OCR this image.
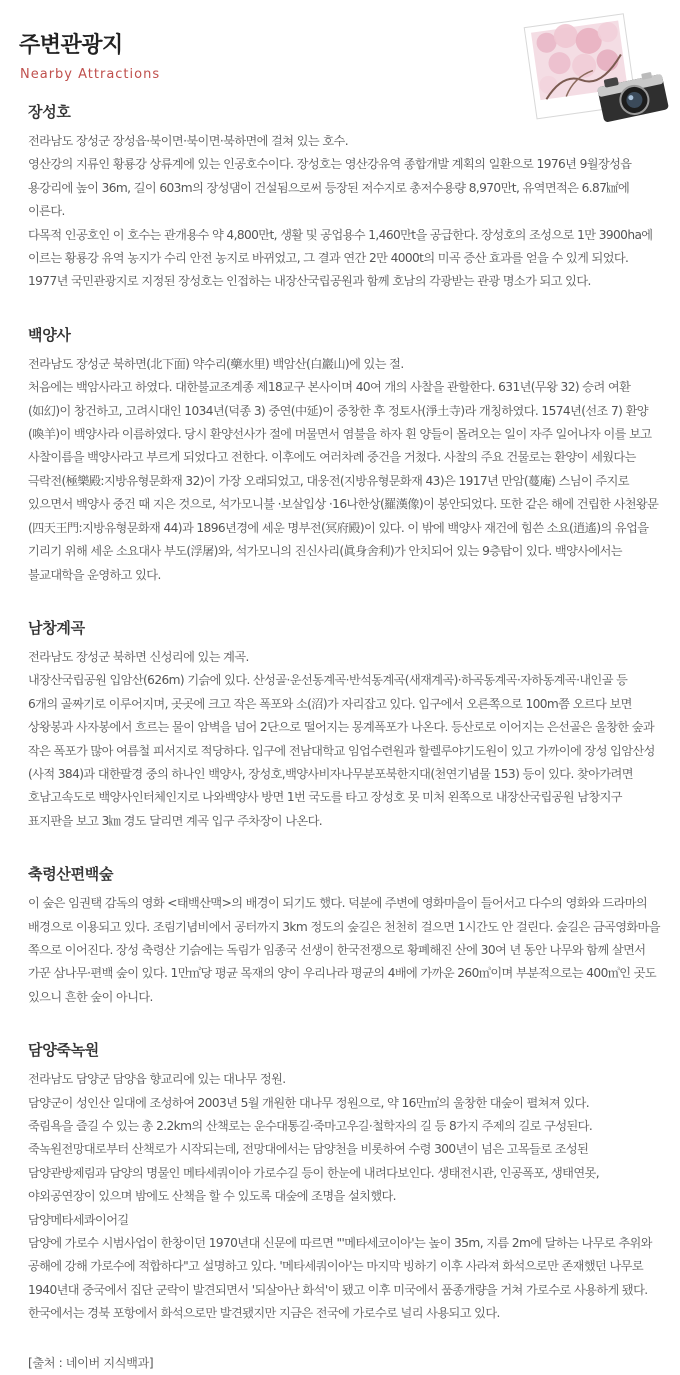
주변관광지
Nearby Attractions
장성호

전라남도 장성군 장성읍·북이면·북이면·북하면에 걸쳐 있는 호수.

영산강의 지류인 황룡강 상류계에 있는 인공호수이다. 장성호는 영산강유역 종합개발 계획의 일환으로 1976년 9월장성읍 용강리에 높이 36m, 길이 603m의 장성댐이 건설됨으로써 등장된 저수지로 총저수용량 8,970만t, 유역면적은 6.87㎢에 이른다.

다목적 인공호인 이 호수는 관개용수 약 4,800만t, 생활 및 공업용수 1,460만t을 공급한다. 장성호의 조성으로 1만 3900ha에 이르는 황룡강 유역 농지가 수리 안전 농지로 바뀌었고, 그 결과 연간 2만 4000t의 미곡 증산 효과를 얻을 수 있게 되었다.

1977년 국민관광지로 지정된 장성호는 인접하는 내장산국립공원과 함께 호남의 각광받는 관광 명소가 되고 있다.

백양사

전라남도 장성군 북하면(北下面) 약수리(藥水里) 백암산(白巖山)에 있는 절.

처음에는 백암사라고 하였다. 대한불교조계종 제18교구 본사이며 40여 개의 사찰을 관할한다. 631년(무왕 32) 승려 여환(如幻)이 창건하고, 고려시대인 1034년(덕종 3) 중연(中延)이 중창한 후 정토사(淨土寺)라 개칭하였다. 1574년(선조 7) 환양(喚羊)이 백양사라 이름하였다. 당시 환양선사가 절에 머물면서 염불을 하자 흰 양들이 몰려오는 일이 자주 일어나자 이를 보고 사찰이름을 백양사라고 부르게 되었다고 전한다. 이후에도 여러차례 중건을 거쳤다. 사찰의 주요 건물로는 환양이 세웠다는 극락전(極樂殿:지방유형문화재 32)이 가장 오래되었고, 대웅전(지방유형문화재 43)은 1917년 만암(蔓庵) 스님이 주지로 있으면서 백양사 중건 때 지은 것으로, 석가모니불 ·보살입상 ·16나한상(羅漢像)이 봉안되었다. 또한 같은 해에 건립한 사천왕문(四天王門:지방유형문화재 44)과 1896년경에 세운 명부전(冥府殿)이 있다. 이 밖에 백양사 재건에 힘쓴 소요(逍遙)의 유업을 기리기 위해 세운 소요대사 부도(浮屠)와, 석가모니의 진신사리(眞身舍利)가 안치되어 있는 9층탑이 있다. 백양사에서는 불교대학을 운영하고 있다.

남창계곡

전라남도 장성군 북하면 신성리에 있는 계곡.

내장산국립공원 입암산(626m) 기슭에 있다. 산성골·운선동계곡·반석동계곡(새재계곡)·하곡동계곡·자하동계곡·내인골 등 6개의 골짜기로 이루어지며, 곳곳에 크고 작은 폭포와 소(沼)가 자리잡고 있다. 입구에서 오른쪽으로 100m쯤 오르다 보면 상왕봉과 사자봉에서 흐르는 물이 암벽을 넘어 2단으로 떨어지는 몽계폭포가 나온다. 등산로로 이어지는 은선골은 울창한 숲과 작은 폭포가 많아 여름철 피서지로 적당하다. 입구에 전남대학교 임업수련원과 할렐루야기도원이 있고 가까이에 장성 입암산성(사적 384)과 대한팔경 중의 하나인 백양사, 장성호,백양사비자나무분포북한지대(천연기념물 153) 등이 있다. 찾아가려면 호남고속도로 백양사인터체인지로 나와백양사 방면 1번 국도를 타고 장성호 못 미처 왼쪽으로 내장산국립공원 남창지구 표지판을 보고 3㎞ 경도 달리면 계곡 입구 주차장이 나온다.

축령산편백숲

이 숲은 임권택 감독의 영화 <태백산맥>의 배경이 되기도 했다. 덕분에 주변에 영화마을이 들어서고 다수의 영화와 드라마의 배경으로 이용되고 있다. 조림기념비에서 공터까지 3km 정도의 숲길은 천천히 걸으면 1시간도 안 걸린다. 숲길은 금곡영화마을 쪽으로 이어진다. 장성 축령산 기슭에는 독림가 임종국 선생이 한국전쟁으로 황폐해진 산에 30여 년 동안 나무와 함께 살면서 가꾼 삼나무·편백 숲이 있다. 1만㎡당 평균 목재의 양이 우리나라 평균의 4배에 가까운 260㎥이며 부분적으로는 400㎥인 곳도 있으니 흔한 숲이 아니다.

담양죽녹원

전라남도 담양군 담양읍 향교리에 있는 대나무 정원.

담양군이 성인산 일대에 조성하여 2003년 5월 개원한 대나무 정원으로, 약 16만㎡의 울창한 대숲이 펼쳐져 있다.

죽림욕을 즐길 수 있는 총 2.2km의 산책로는 운수대통길·죽마고우길·철학자의 길 등 8가지 주제의 길로 구성된다.

죽녹원전망대로부터 산책로가 시작되는데, 전망대에서는 담양천을 비롯하여 수령 300년이 넘은 고목들로 조성된 담양관방제림과 담양의 명물인 메타세쿼이아 가로수길 등이 한눈에 내려다보인다. 생태전시관, 인공폭포, 생태연못, 야외공연장이 있으며 밤에도 산책을 할 수 있도록 대숲에 조명을 설치했다.

담양메타세콰이어길

담양에 가로수 시범사업이 한창이던 1970년대 신문에 따르면 "'메타세코이아'는 높이 35m, 지름 2m에 달하는 나무로 추위와 공해에 강해 가로수에 적합하다"고 설명하고 있다. '메타세쿼이아'는 마지막 빙하기 이후 사라져 화석으로만 존재했던 나무로 1940년대 중국에서 집단 군락이 발견되면서 '되살아난 화석'이 됐고 이후 미국에서 품종개량을 거쳐 가로수로 사용하게 됐다. 한국에서는 경북 포항에서 화석으로만 발견됐지만 지금은 전국에 가로수로 널리 사용되고 있다.

[출처 : 네이버 지식백과]
